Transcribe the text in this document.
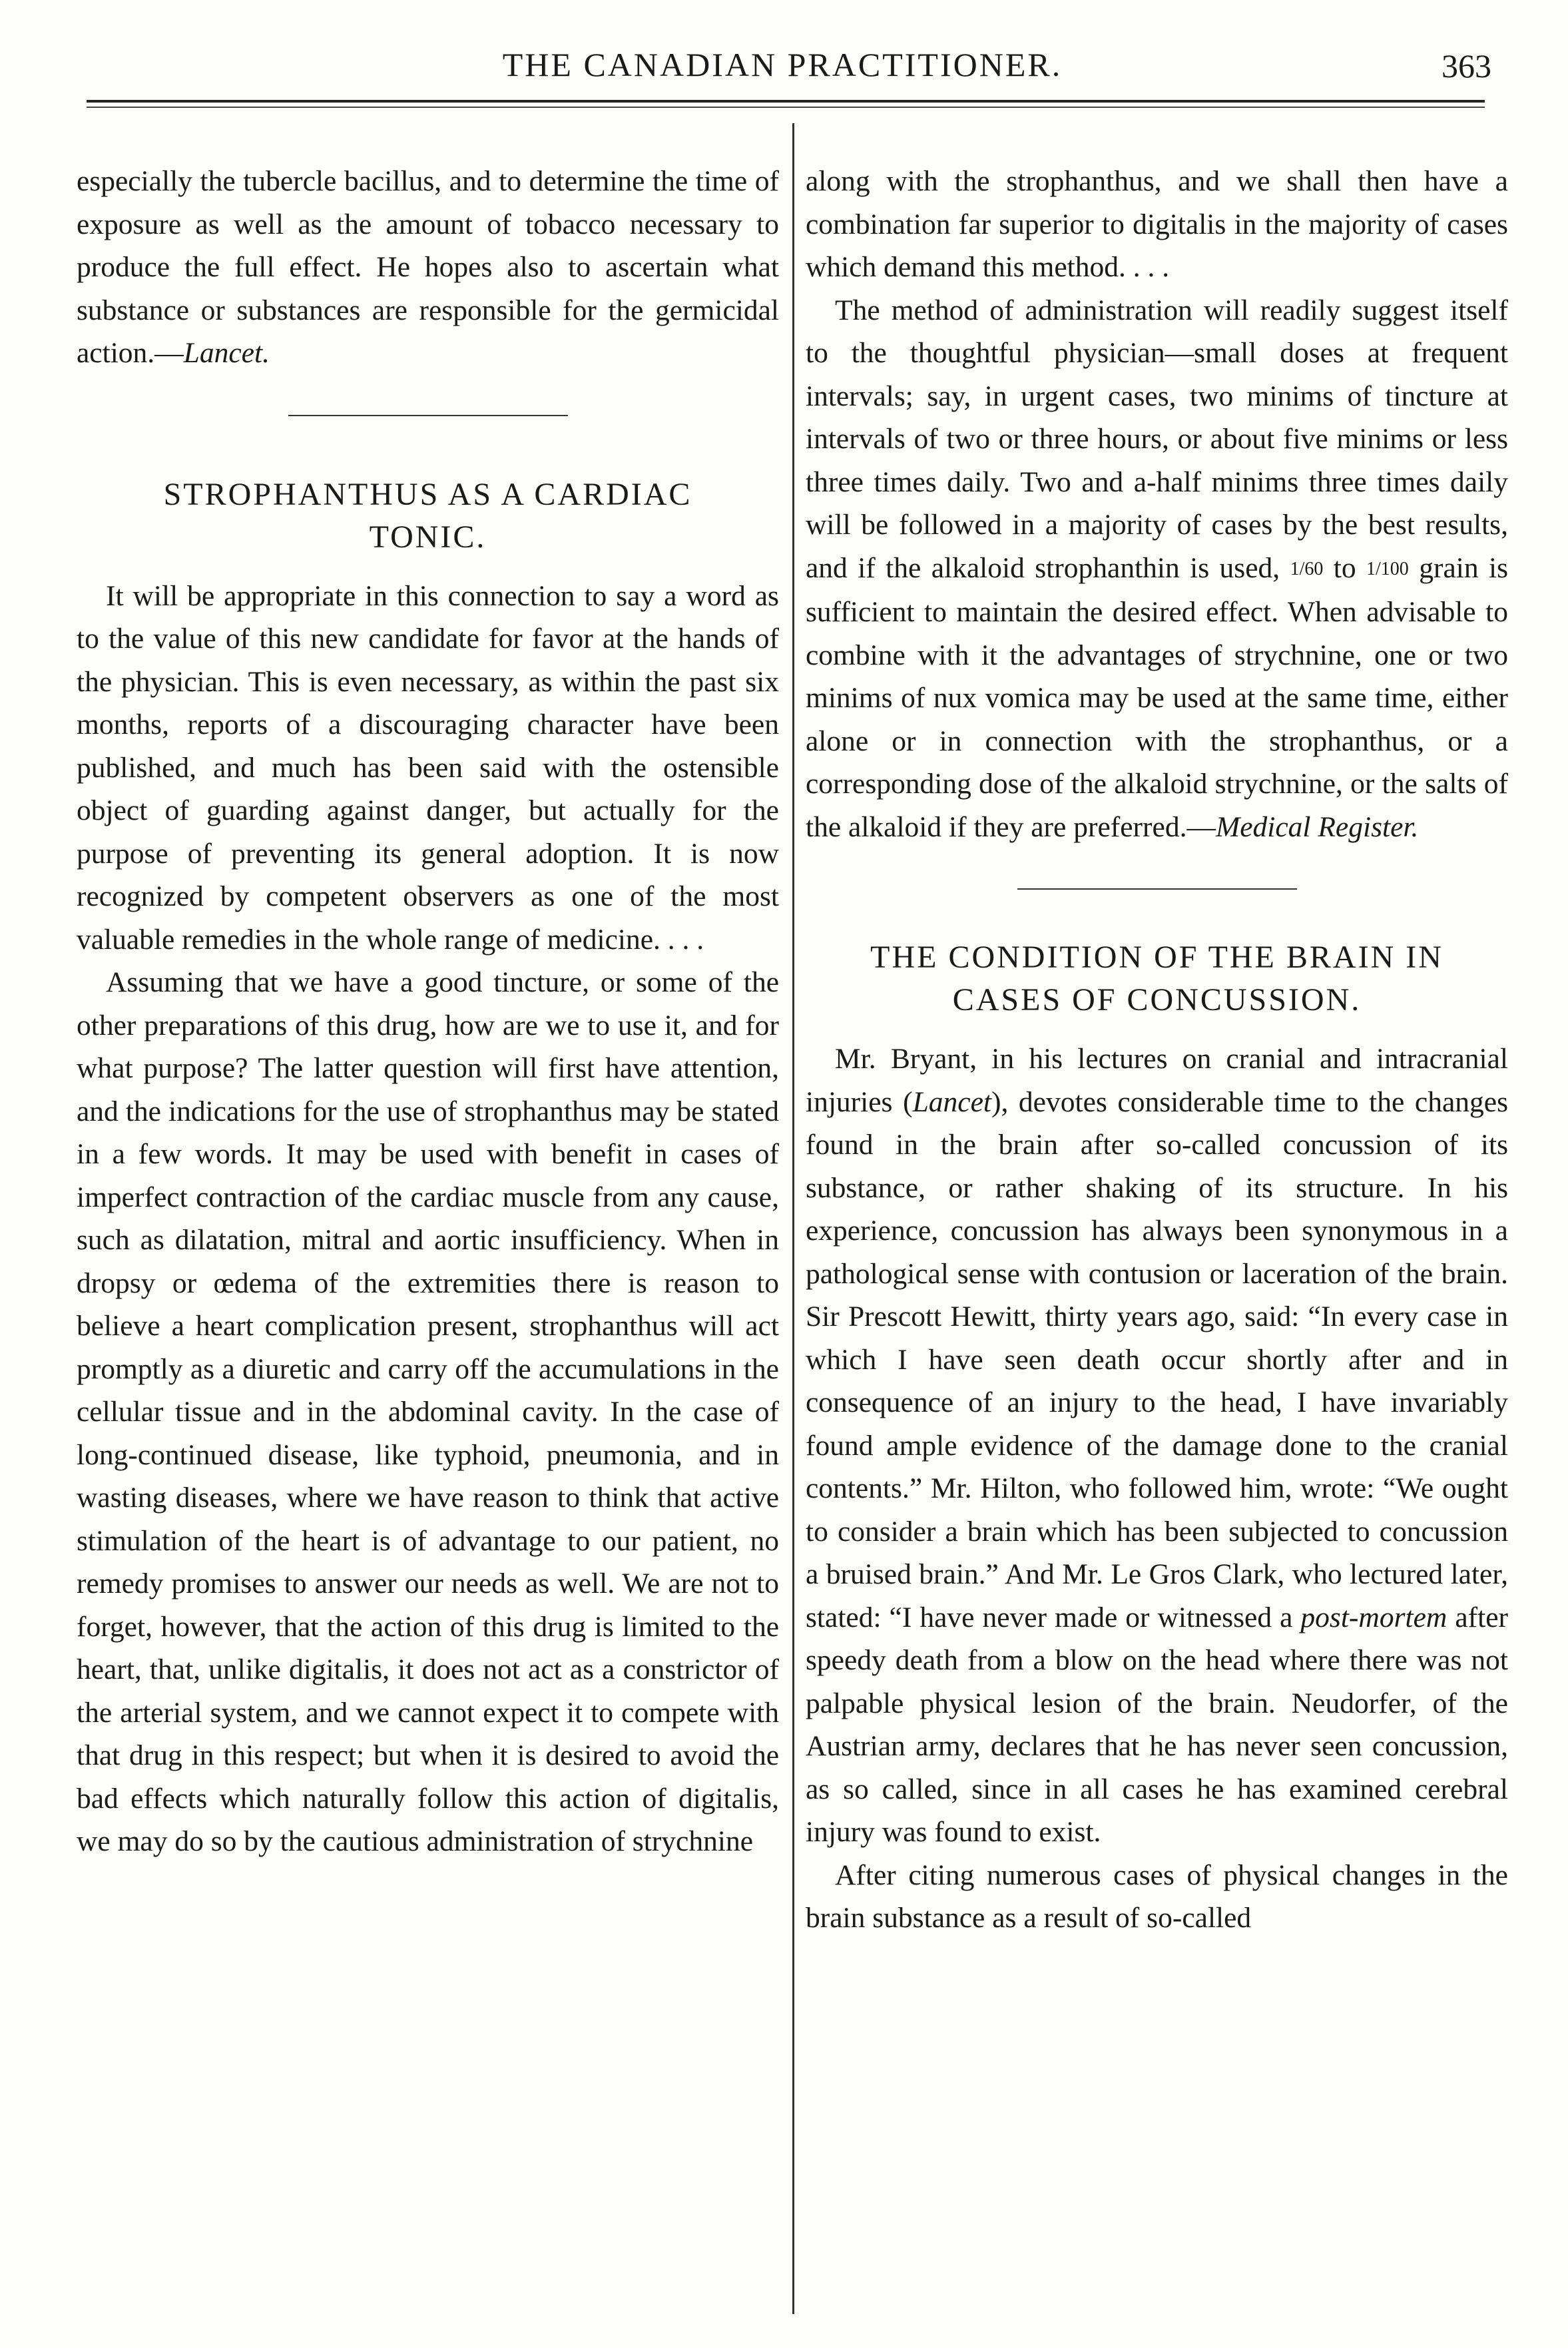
THE CANADIAN PRACTITIONER.	363

especially the tubercle bacillus, and to determine the time of exposure as well as the amount of tobacco necessary to produce the full effect. He hopes also to ascertain what substance or substances are responsible for the germicidal action.—Lancet.

STROPHANTHUS AS A CARDIAC
TONIC.

It will be appropriate in this connection to say a word as to the value of this new candidate for favor at the hands of the physician. This is even necessary, as within the past six months, reports of a discouraging character have been published, and much has been said with the ostensible object of guarding against danger, but actually for the purpose of preventing its general adoption. It is now recognized by competent observers as one of the most valuable remedies in the whole range of medicine. . . .

Assuming that we have a good tincture, or some of the other preparations of this drug, how are we to use it, and for what purpose? The latter question will first have attention, and the indications for the use of strophanthus may be stated in a few words. It may be used with benefit in cases of imperfect contraction of the cardiac muscle from any cause, such as dilatation, mitral and aortic insufficiency. When in dropsy or œdema of the extremities there is reason to believe a heart complication present, strophanthus will act promptly as a diuretic and carry off the accumulations in the cellular tissue and in the abdominal cavity. In the case of long-continued disease, like typhoid, pneumonia, and in wasting diseases, where we have reason to think that active stimulation of the heart is of advantage to our patient, no remedy promises to answer our needs as well. We are not to forget, however, that the action of this drug is limited to the heart, that, unlike digitalis, it does not act as a constrictor of the arterial system, and we cannot expect it to compete with that drug in this respect; but when it is desired to avoid the bad effects which naturally follow this action of digitalis, we may do so by the cautious administration of strychnine

along with the strophanthus, and we shall then have a combination far superior to digitalis in the majority of cases which demand this method. . . .

The method of administration will readily suggest itself to the thoughtful physician—small doses at frequent intervals; say, in urgent cases, two minims of tincture at intervals of two or three hours, or about five minims or less three times daily. Two and a-half minims three times daily will be followed in a majority of cases by the best results, and if the alkaloid strophanthin is used, 1/60 to 1/100 grain is sufficient to maintain the desired effect. When advisable to combine with it the advantages of strychnine, one or two minims of nux vomica may be used at the same time, either alone or in connection with the strophanthus, or a corresponding dose of the alkaloid strychnine, or the salts of the alkaloid if they are preferred.—Medical Register.

THE CONDITION OF THE BRAIN IN
CASES OF CONCUSSION.

Mr. Bryant, in his lectures on cranial and intracranial injuries (Lancet), devotes considerable time to the changes found in the brain after so-called concussion of its substance, or rather shaking of its structure. In his experience, concussion has always been synonymous in a pathological sense with contusion or laceration of the brain. Sir Prescott Hewitt, thirty years ago, said: “In every case in which I have seen death occur shortly after and in consequence of an injury to the head, I have invariably found ample evidence of the damage done to the cranial contents.” Mr. Hilton, who followed him, wrote: “We ought to consider a brain which has been subjected to concussion a bruised brain.” And Mr. Le Gros Clark, who lectured later, stated: “I have never made or witnessed a post-mortem after speedy death from a blow on the head where there was not palpable physical lesion of the brain. Neudorfer, of the Austrian army, declares that he has never seen concussion, as so called, since in all cases he has examined cerebral injury was found to exist.

After citing numerous cases of physical changes in the brain substance as a result of so-called
